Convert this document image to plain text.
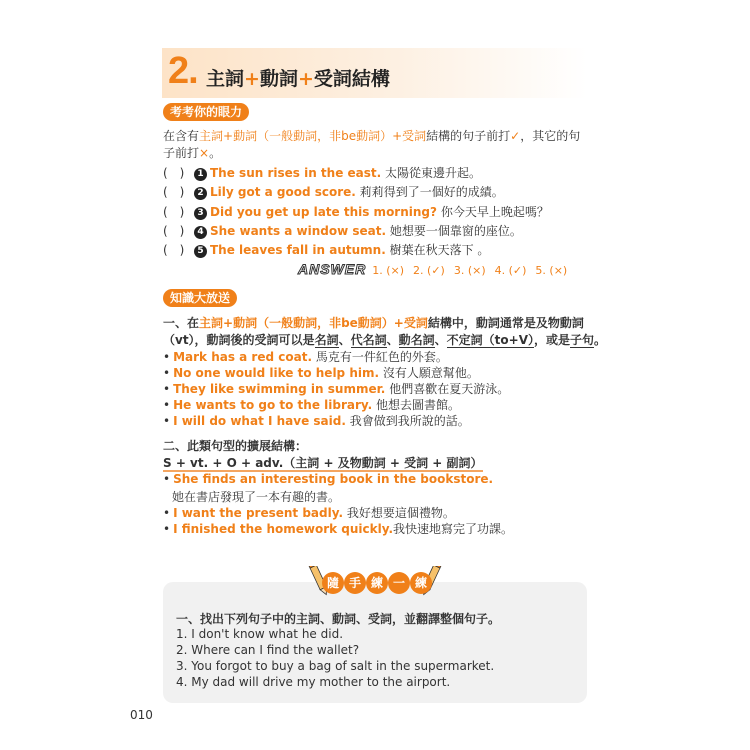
2. 主詞+動詞+受詞結構
考考你的眼力
在含有主詞+動詞（一般動詞，非be動詞）+受詞結構的句子前打✓，其它的句
子前打×。
(　) 1 The sun rises in the east. 太陽從東邊升起。
(　) 2 Lily got a good score. 莉莉得到了一個好的成績。
(　) 3 Did you get up late this morning? 你今天早上晚起嗎？
(　) 4 She wants a window seat. 她想要一個靠窗的座位。
(　) 5 The leaves fall in autumn. 樹葉在秋天落下 。
ANSWER 1. (×) 2. (✓) 3. (×) 4. (✓) 5. (×)
知識大放送
一、在主詞+動詞（一般動詞，非be動詞）+受詞結構中，動詞通常是及物動詞
（vt），動詞後的受詞可以是名詞、代名詞、動名詞、不定詞（to+V），或是子句。
• Mark has a red coat. 馬克有一件紅色的外套。
• No one would like to help him. 沒有人願意幫他。
• They like swimming in summer. 他們喜歡在夏天游泳。
• He wants to go to the library. 他想去圖書館。
• I will do what I have said. 我會做到我所說的話。
二、此類句型的擴展結構：
S + vt. + O + adv.（主詞 + 及物動詞 + 受詞 + 副詞）
• She finds an interesting book in the bookstore.
她在書店發現了一本有趣的書。
• I want the present badly. 我好想要這個禮物。
• I finished the homework quickly.我快速地寫完了功課。
隨 手 練 一 練
一、找出下列句子中的主詞、動詞、受詞，並翻譯整個句子。
1. I don't know what he did.
2. Where can I find the wallet?
3. You forgot to buy a bag of salt in the supermarket.
4. My dad will drive my mother to the airport.
010
